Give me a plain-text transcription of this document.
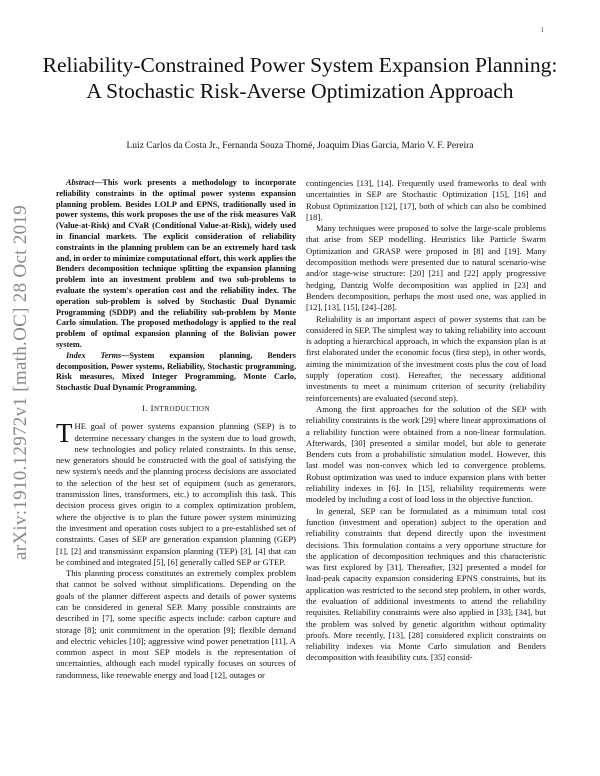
1
arXiv:1910.12972v1 [math.OC] 28 Oct 2019
Reliability-Constrained Power System Expansion Planning: A Stochastic Risk-Averse Optimization Approach
Luiz Carlos da Costa Jr., Fernanda Souza Thomé, Joaquim Dias Garcia, Mario V. F. Pereira

Abstract—This work presents a methodology to incorporate reliability constraints in the optimal power systems expansion planning problem. Besides LOLP and EPNS, traditionally used in power systems, this work proposes the use of the risk measures VaR (Value-at-Risk) and CVaR (Conditional Value-at-Risk), widely used in financial markets. The explicit consideration of reliability constraints in the planning problem can be an extremely hard task and, in order to minimize computational effort, this work applies the Benders decomposition technique splitting the expansion planning problem into an investment problem and two sub-problems to evaluate the system's operation cost and the reliability index. The operation sub-problem is solved by Stochastic Dual Dynamic Programming (SDDP) and the reliability sub-problem by Monte Carlo simulation. The proposed methodology is applied to the real problem of optimal expansion planning of the Bolivian power system.

Index Terms—System expansion planning, Benders decomposition, Power systems, Reliability, Stochastic programming, Risk measures, Mixed Integer Programming, Monte Carlo, Stochastic Dual Dynamic Programming.

I. INTRODUCTION

THE goal of power systems expansion planning (SEP) is to determine necessary changes in the system due to load growth, new technologies and policy related constraints. In this sense, new generators should be constructed with the goal of satisfying the new system's needs and the planning process decisions are associated to the selection of the best set of equipment (such as generators, transmission lines, transformers, etc.) to accomplish this task. This decision process gives origin to a complex optimization problem, where the objective is to plan the future power system minimizing the investment and operation costs subject to a pre-established set of constraints. Cases of SEP are generation expansion planning (GEP) [1], [2] and transmission expansion planning (TEP) [3], [4] that can be combined and integrated [5], [6] generally called SEP or GTEP.

This planning process constitutes an extremely complex problem that cannot be solved without simplifications. Depending on the goals of the planner different aspects and details of power systems can be considered in general SEP. Many possible constraints are described in [7], some specific aspects include: carbon capture and storage [8]; unit commitment in the operation [9]; flexible demand and electric vehicles [10]; aggressive wind power penetration [11]. A common aspect in most SEP models is the representation of uncertainties, although each model typically focuses on sources of randomness, like renewable energy and load [12], outages or

contingencies [13], [14]. Frequently used frameworks to deal with uncertainties in SEP are Stochastic Optimization [15], [16] and Robust Optimization [12], [17], both of which can also be combined [18].

Many techniques were proposed to solve the large-scale problems that arise from SEP modelling. Heuristics like Particle Swarm Optimization and GRASP were proposed in [8] and [19]. Many decomposition methods were presented due to natural scenario-wise and/or stage-wise structure: [20] [21] and [22] apply progressive hedging, Dantzig Wolfe decomposition was applied in [23] and Benders decomposition, perhaps the most used one, was applied in [12], [13], [15], [24]–[28].

Reliability is an important aspect of power systems that can be considered in SEP. The simplest way to taking reliability into account is adopting a hierarchical approach, in which the expansion plan is at first elaborated under the economic focus (first step), in other words, aiming the minimization of the investment costs plus the cost of load supply (operation cost). Hereafter, the necessary additional investments to meet a minimum criterion of security (reliability reinforcements) are evaluated (second step).

Among the first approaches for the solution of the SEP with reliability constraints is the work [29] where linear approximations of a reliability function were obtained from a non-linear formulation. Afterwards, [30] presented a similar model, but able to generate Benders cuts from a probabilistic simulation model. However, this last model was non-convex which led to convergence problems. Robust optimization was used to induce expansion plans with better reliability indexes in [6]. In [15], reliability requirements were modeled by including a cost of load loss in the objective function.

In general, SEP can be formulated as a minimum total cost function (investment and operation) subject to the operation and reliability constraints that depend directly upon the investment decisions. This formulation contains a very opportune structure for the application of decomposition techniques and this characteristic was first explored by [31]. Thereafter, [32] presented a model for load-peak capacity expansion considering EPNS constraints, but its application was restricted to the second step problem, in other words, the evaluation of additional investments to attend the reliability requisites. Reliability constraints were also applied in [33], [34], but the problem was solved by genetic algorithm without optimality proofs. More recently, [13], [28] considered explicit constraints on reliability indexes via Monte Carlo simulation and Benders decomposition with feasibility cuts. [35] consid-
